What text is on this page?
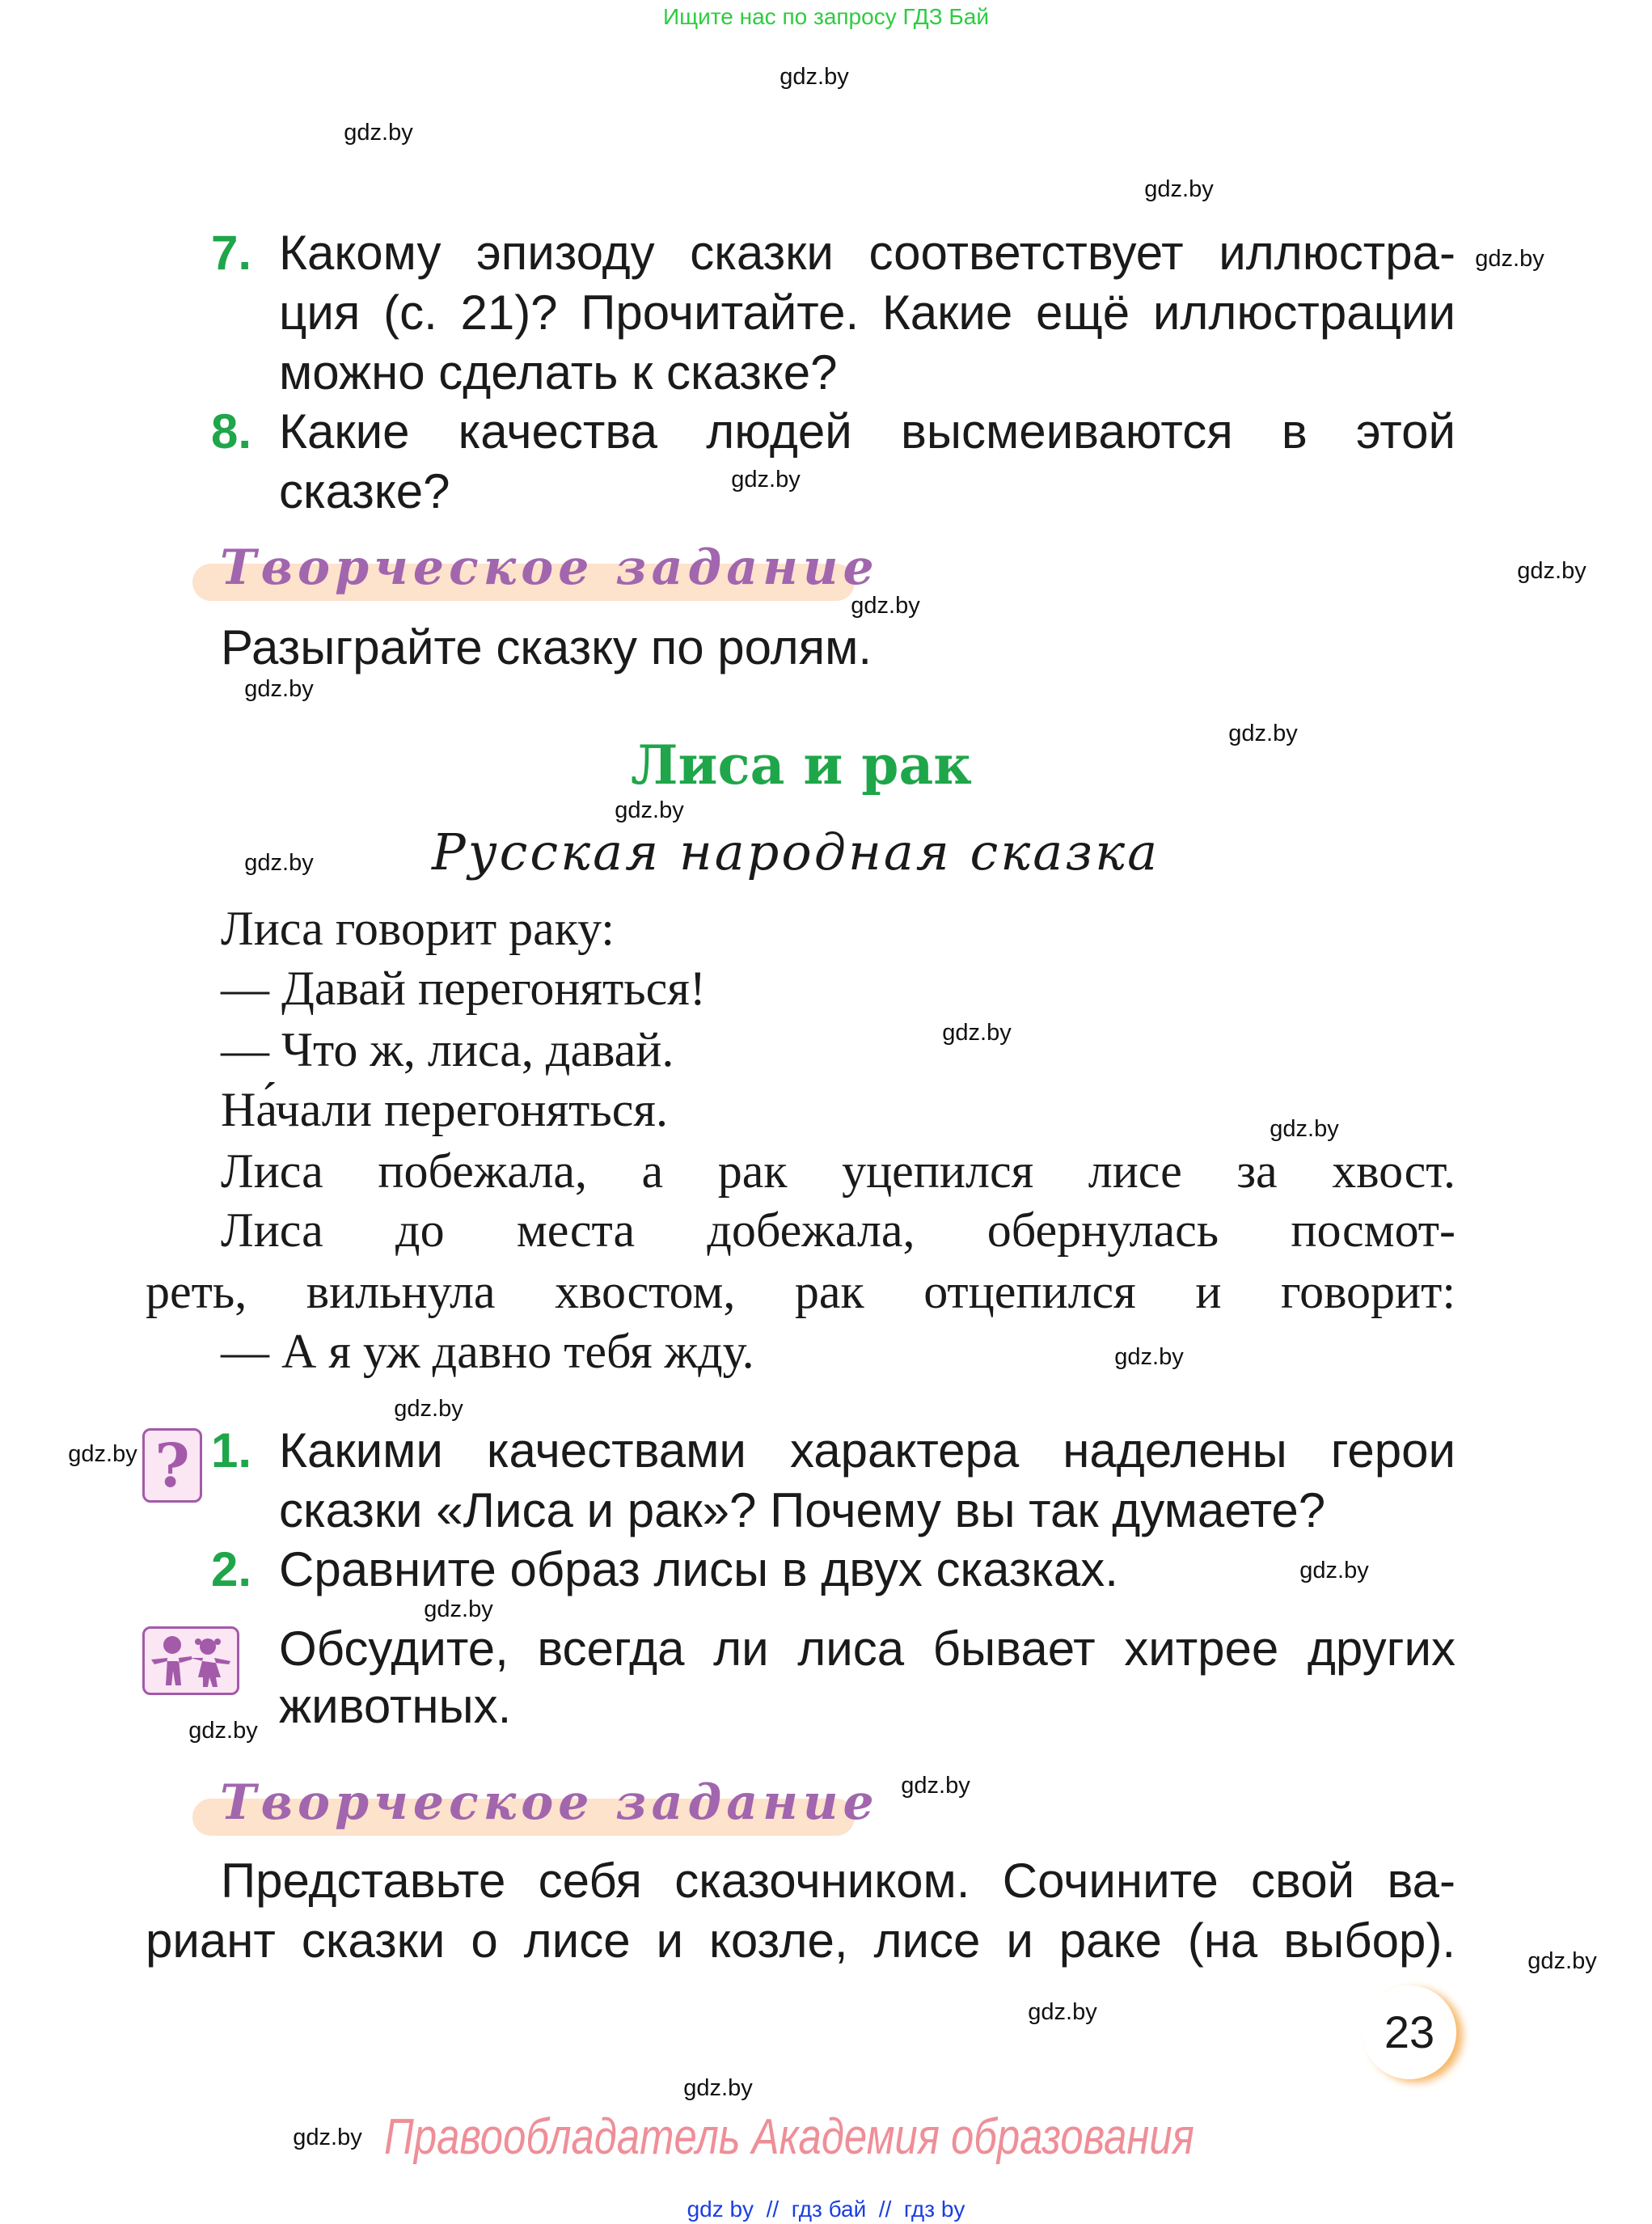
Ищите нас по запросу ГДЗ Бай
7. Какому эпизоду сказки соответствует иллюстра-
ция (с. 21)? Прочитайте. Какие ещё иллюстрации
можно сделать к сказке?
8. Какие качества людей высмеиваются в этой
сказке?
Творческое задание
Разыграйте сказку по ролям.
Лиса и рак
Русская народная сказка
Лиса говорит раку:
— Давай перегоняться!
— Что ж, лиса, давай.
На́чали перегоняться.
Лиса побежала, а рак уцепился лисе за хвост.
Лиса до места добежала, обернулась посмот-
реть, вильнула хвостом, рак отцепился и говорит:
— А я уж давно тебя жду.
? 1. Какими качествами характера наделены герои
сказки «Лиса и рак»? Почему вы так думаете?
2. Сравните образ лисы в двух сказках.
Обсудите, всегда ли лиса бывает хитрее других
животных.
Творческое задание
Представьте себя сказочником. Сочините свой ва-
риант сказки о лисе и козле, лисе и раке (на выбор).
23
Правообладатель Академия образования
gdz by  //  гдз бай  //  гдз by
gdz.by
gdz.by
gdz.by
gdz.by
gdz.by
gdz.by
gdz.by
gdz.by
gdz.by
gdz.by
gdz.by
gdz.by
gdz.by
gdz.by
gdz.by
gdz.by
gdz.by
gdz.by
gdz.by
gdz.by
gdz.by
gdz.by
gdz.by
gdz.by
